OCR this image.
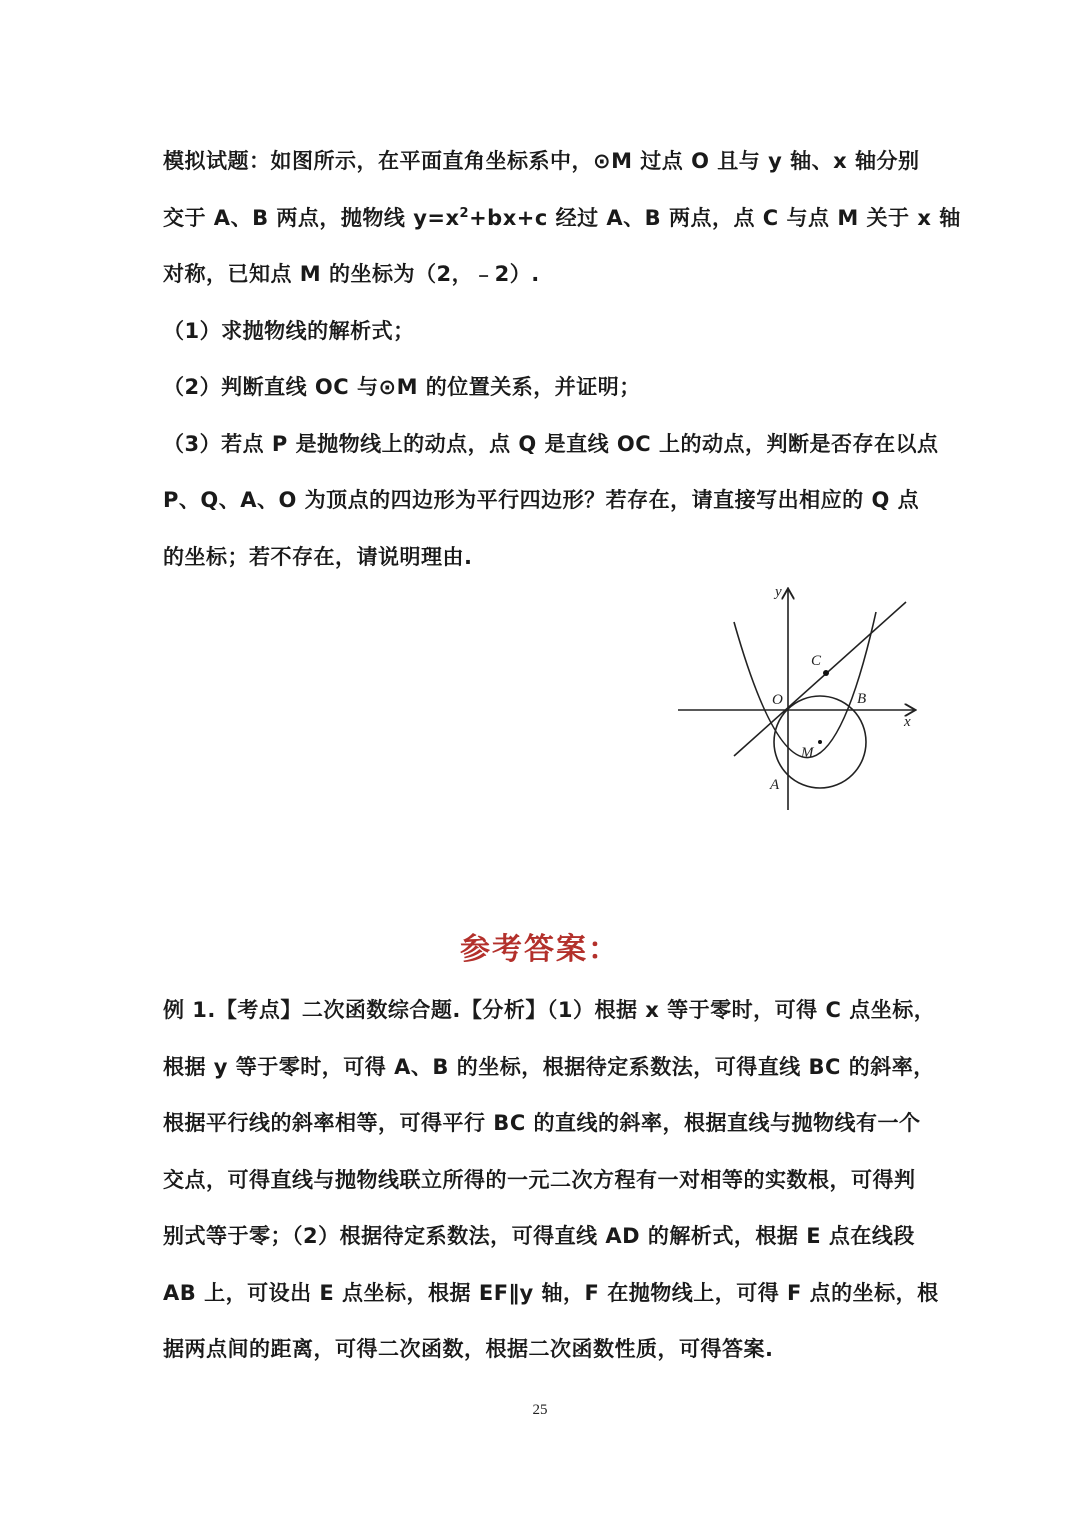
模拟试题：如图所示，在平面直角坐标系中，⊙M 过点 O 且与 y 轴、x 轴分别
交于 A、B 两点，抛物线 $y=x^2+bx+c$ 经过 A、B 两点，点 C 与点 M 关于 x 轴
对称，已知点 M 的坐标为（2，﹣2）.
（1）求抛物线的解析式；
（2）判断直线 OC 与⊙M 的位置关系，并证明；
（3）若点 P 是抛物线上的动点，点 Q 是直线 OC 上的动点，判断是否存在以点
P、Q、A、O 为顶点的四边形为平行四边形？若存在，请直接写出相应的 Q 点
的坐标；若不存在，请说明理由.
y
x
O
A
B
C
M
参考答案：
例 1.【考点】二次函数综合题.【分析】（1）根据 x 等于零时，可得 C 点坐标，
根据 y 等于零时，可得 A、B 的坐标，根据待定系数法，可得直线 BC 的斜率，
根据平行线的斜率相等，可得平行 BC 的直线的斜率，根据直线与抛物线有一个
交点，可得直线与抛物线联立所得的一元二次方程有一对相等的实数根，可得判
别式等于零；（2）根据待定系数法，可得直线 AD 的解析式，根据 E 点在线段
AB 上，可设出 E 点坐标，根据 EF∥y 轴，F 在抛物线上，可得 F 点的坐标，根
据两点间的距离，可得二次函数，根据二次函数性质，可得答案.
25
